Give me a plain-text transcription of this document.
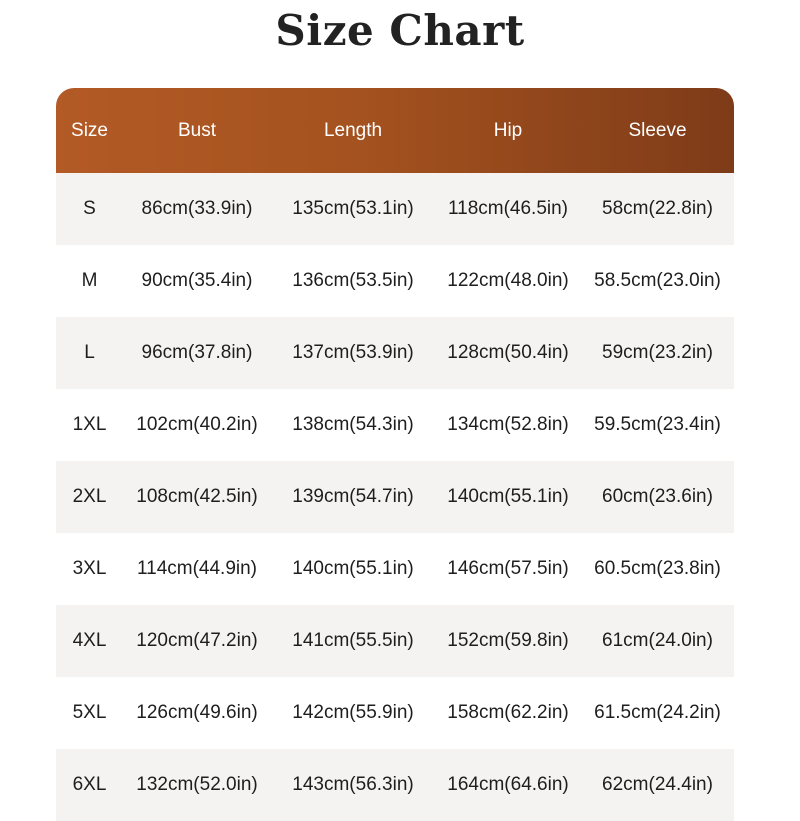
Size Chart
Size	Bust	Length	Hip	Sleeve
S	86cm(33.9in)	135cm(53.1in)	118cm(46.5in)	58cm(22.8in)
M	90cm(35.4in)	136cm(53.5in)	122cm(48.0in)	58.5cm(23.0in)
L	96cm(37.8in)	137cm(53.9in)	128cm(50.4in)	59cm(23.2in)
1XL	102cm(40.2in)	138cm(54.3in)	134cm(52.8in)	59.5cm(23.4in)
2XL	108cm(42.5in)	139cm(54.7in)	140cm(55.1in)	60cm(23.6in)
3XL	114cm(44.9in)	140cm(55.1in)	146cm(57.5in)	60.5cm(23.8in)
4XL	120cm(47.2in)	141cm(55.5in)	152cm(59.8in)	61cm(24.0in)
5XL	126cm(49.6in)	142cm(55.9in)	158cm(62.2in)	61.5cm(24.2in)
6XL	132cm(52.0in)	143cm(56.3in)	164cm(64.6in)	62cm(24.4in)
